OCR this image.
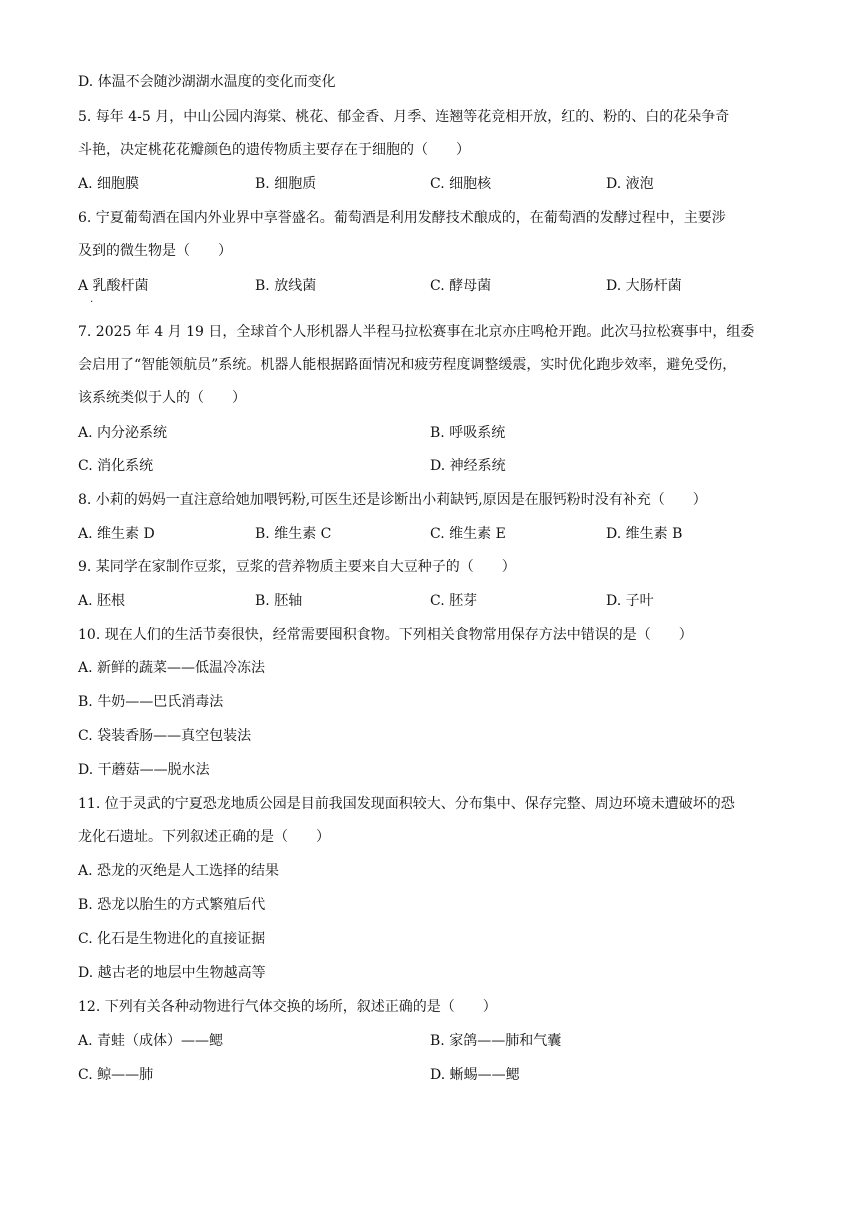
D. 体温不会随沙湖湖水温度的变化而变化
5. 每年 4-5 月，中山公园内海棠、桃花、郁金香、月季、连翘等花竞相开放，红的、粉的、白的花朵争奇
斗艳，决定桃花花瓣颜色的遗传物质主要存在于细胞的（　　）
A. 细胞膜	B. 细胞质	C. 细胞核	D. 液泡
6. 宁夏葡萄酒在国内外业界中享誉盛名。葡萄酒是利用发酵技术酿成的，在葡萄酒的发酵过程中，主要涉
及到的微生物是（　　）
A 乳酸杆菌
.
B. 放线菌	C. 酵母菌	D. 大肠杆菌
7. 2025 年 4 月 19 日，全球首个人形机器人半程马拉松赛事在北京亦庄鸣枪开跑。此次马拉松赛事中，组委
会启用了“智能领航员”系统。机器人能根据路面情况和疲劳程度调整缓震，实时优化跑步效率，避免受伤，
该系统类似于人的（　　）
A. 内分泌系统	B. 呼吸系统
C. 消化系统	D. 神经系统
8. 小莉的妈妈一直注意给她加喂钙粉,可医生还是诊断出小莉缺钙,原因是在服钙粉时没有补充（　　）
A. 维生素 D	B. 维生素 C	C. 维生素 E	D. 维生素 B
9. 某同学在家制作豆浆，豆浆的营养物质主要来自大豆种子的（　　）
A. 胚根	B. 胚轴	C. 胚芽	D. 子叶
10. 现在人们的生活节奏很快，经常需要囤积食物。下列相关食物常用保存方法中错误的是（　　）
A. 新鲜的蔬菜——低温冷冻法
B. 牛奶——巴氏消毒法
C. 袋装香肠——真空包装法
D. 干蘑菇——脱水法
11. 位于灵武的宁夏恐龙地质公园是目前我国发现面积较大、分布集中、保存完整、周边环境未遭破坏的恐
龙化石遗址。下列叙述正确的是（　　）
A. 恐龙的灭绝是人工选择的结果
B. 恐龙以胎生的方式繁殖后代
C. 化石是生物进化的直接证据
D. 越古老的地层中生物越高等
12. 下列有关各种动物进行气体交换的场所，叙述正确的是（　　）
A. 青蛙（成体）——鳃	B. 家鸽——肺和气囊
C. 鲸——肺	D. 蜥蜴——鳃
